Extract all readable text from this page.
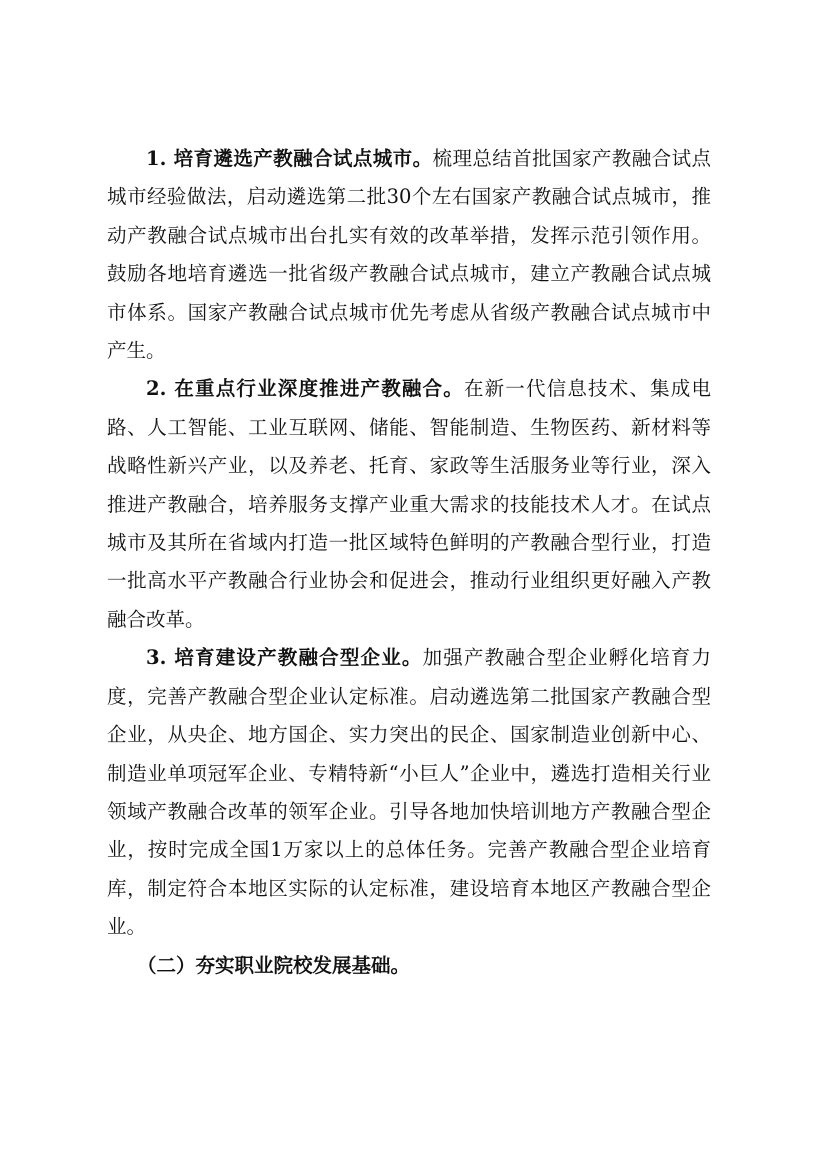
1. 培育遴选产教融合试点城市。梳理总结首批国家产教融合试点城市经验做法，启动遴选第二批30个左右国家产教融合试点城市，推动产教融合试点城市出台扎实有效的改革举措，发挥示范引领作用。鼓励各地培育遴选一批省级产教融合试点城市，建立产教融合试点城市体系。国家产教融合试点城市优先考虑从省级产教融合试点城市中产生。

2. 在重点行业深度推进产教融合。在新一代信息技术、集成电路、人工智能、工业互联网、储能、智能制造、生物医药、新材料等战略性新兴产业，以及养老、托育、家政等生活服务业等行业，深入推进产教融合，培养服务支撑产业重大需求的技能技术人才。在试点城市及其所在省域内打造一批区域特色鲜明的产教融合型行业，打造一批高水平产教融合行业协会和促进会，推动行业组织更好融入产教融合改革。

3. 培育建设产教融合型企业。加强产教融合型企业孵化培育力度，完善产教融合型企业认定标准。启动遴选第二批国家产教融合型企业，从央企、地方国企、实力突出的民企、国家制造业创新中心、制造业单项冠军企业、专精特新“小巨人”企业中，遴选打造相关行业领域产教融合改革的领军企业。引导各地加快培训地方产教融合型企业，按时完成全国1万家以上的总体任务。完善产教融合型企业培育库，制定符合本地区实际的认定标准，建设培育本地区产教融合型企业。

（二）夯实职业院校发展基础。
